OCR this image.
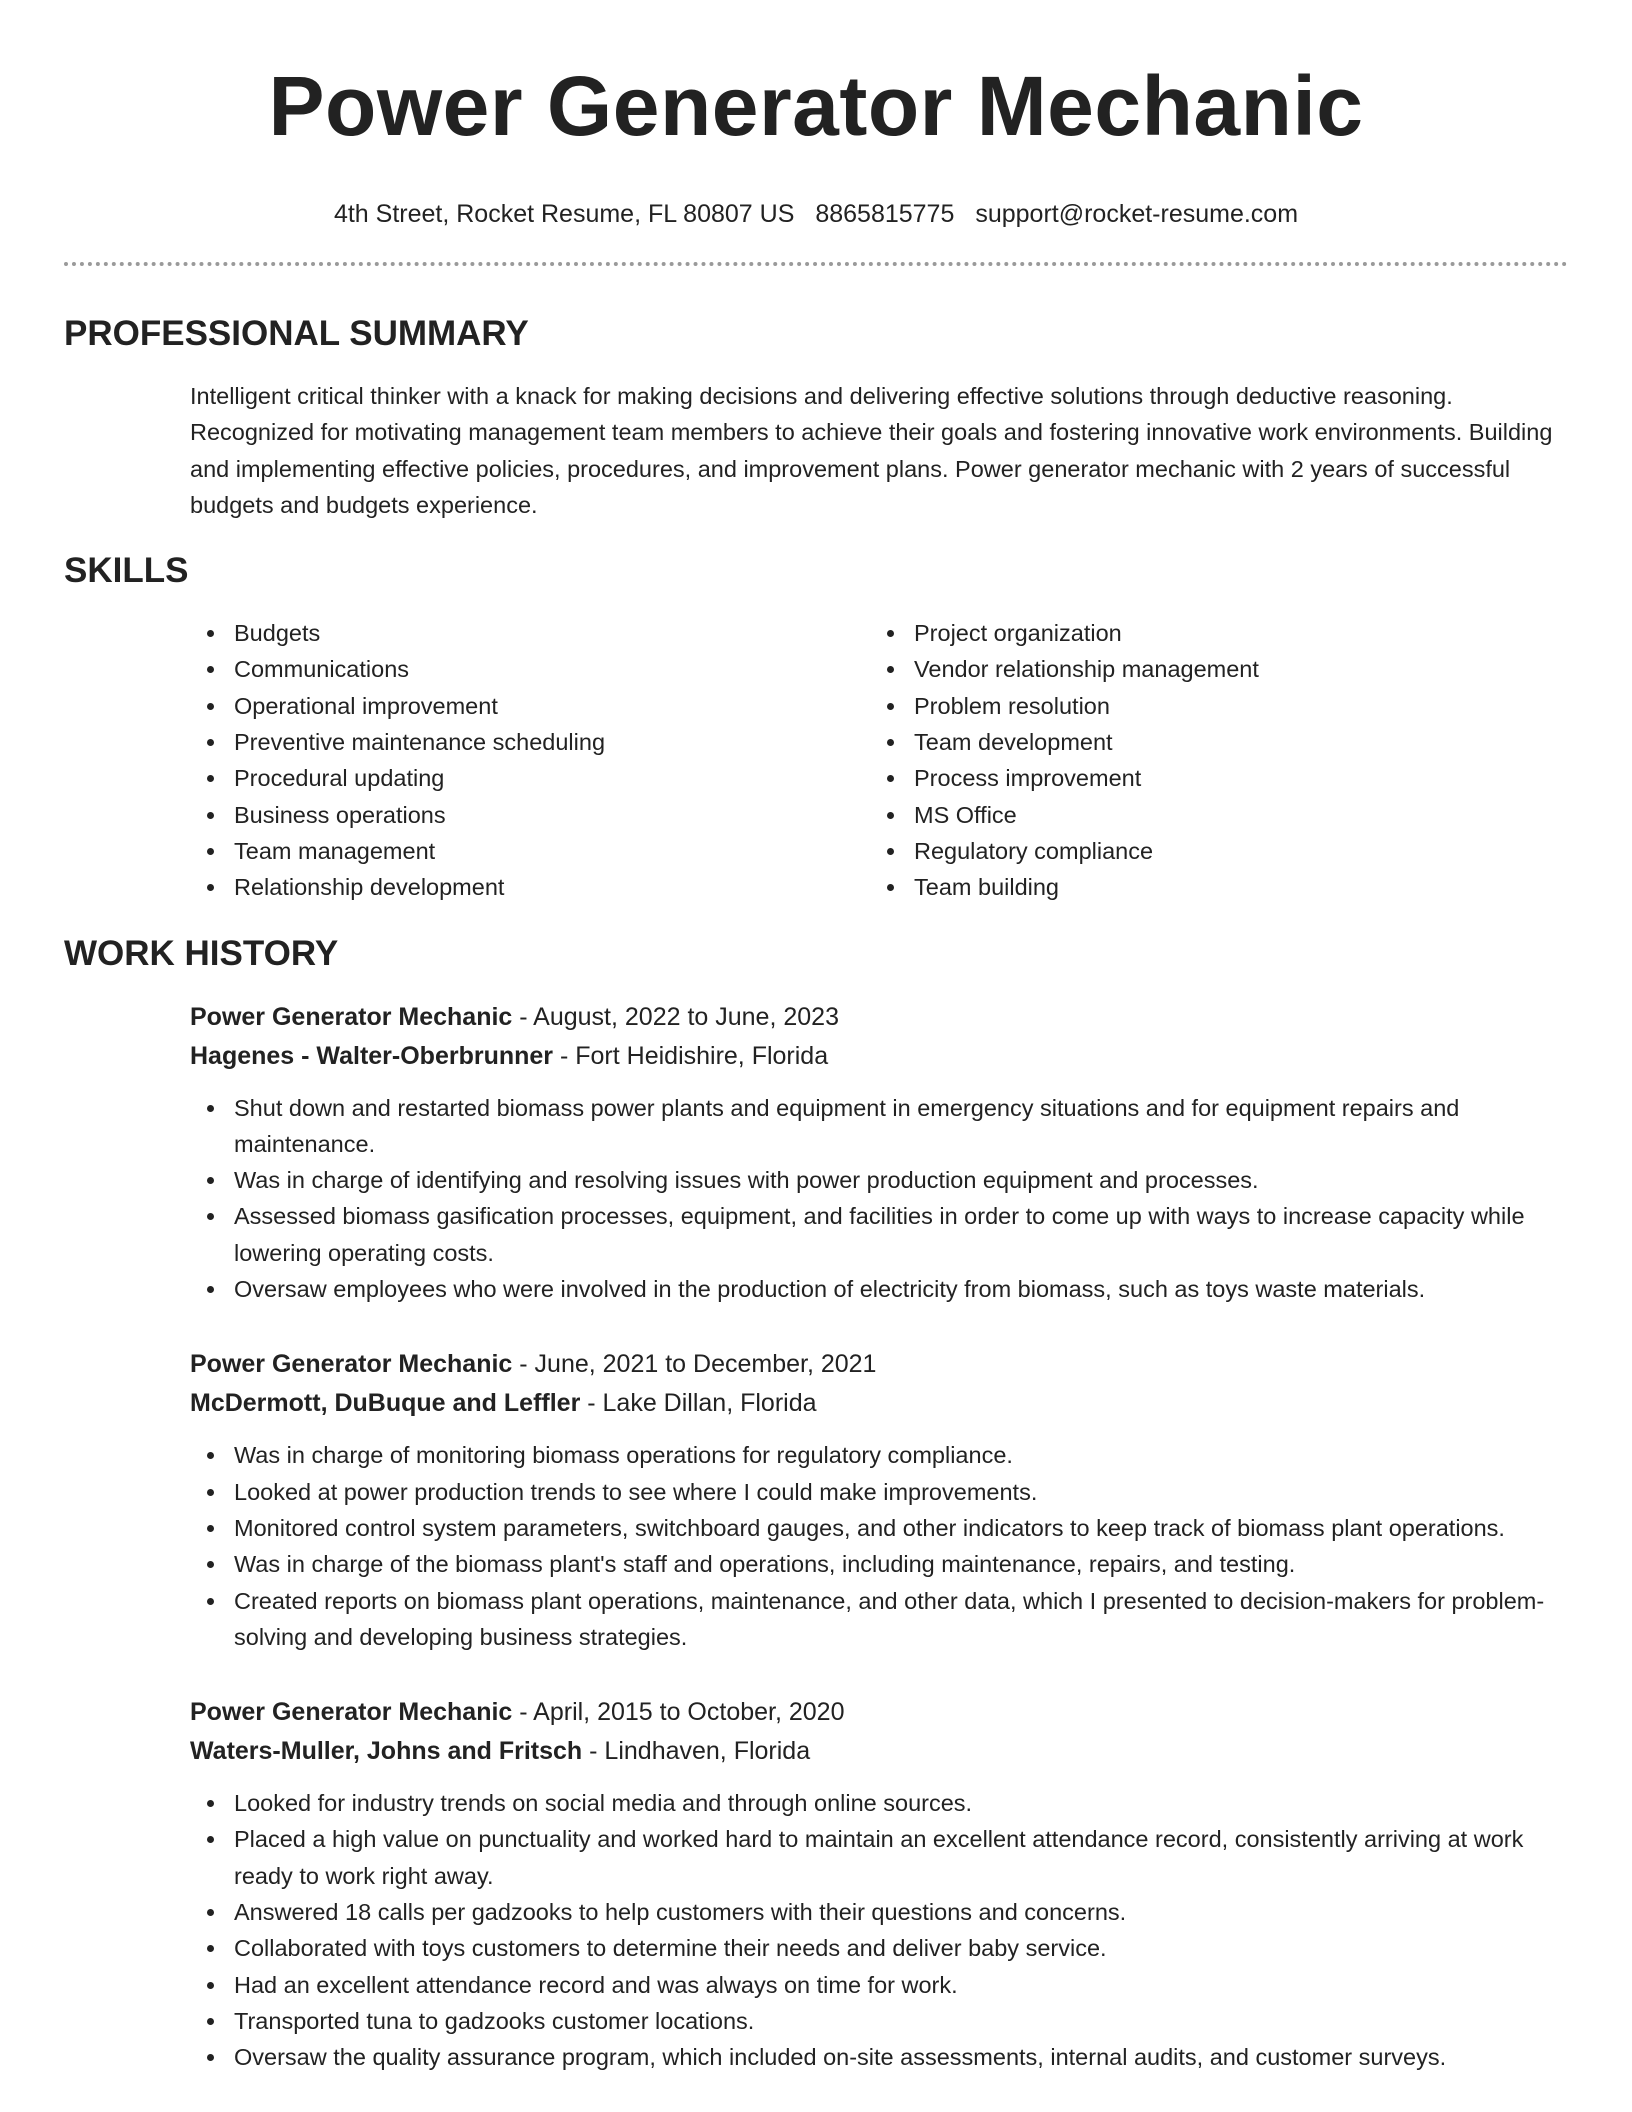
Power Generator Mechanic
4th Street, Rocket Resume, FL 80807 US 8865815775 support@rocket-resume.com
PROFESSIONAL SUMMARY

Intelligent critical thinker with a knack for making decisions and delivering effective solutions through deductive reasoning. Recognized for motivating management team members to achieve their goals and fostering innovative work environments. Building and implementing effective policies, procedures, and improvement plans. Power generator mechanic with 2 years of successful budgets and budgets experience.

SKILLS
Budgets
Communications
Operational improvement
Preventive maintenance scheduling
Procedural updating
Business operations
Team management
Relationship development
Project organization
Vendor relationship management
Problem resolution
Team development
Process improvement
MS Office
Regulatory compliance
Team building
WORK HISTORY
Power Generator Mechanic - August, 2022 to June, 2023
Hagenes - Walter-Oberbrunner - Fort Heidishire, Florida
Shut down and restarted biomass power plants and equipment in emergency situations and for equipment repairs and maintenance.
Was in charge of identifying and resolving issues with power production equipment and processes.
Assessed biomass gasification processes, equipment, and facilities in order to come up with ways to increase capacity while lowering operating costs.
Oversaw employees who were involved in the production of electricity from biomass, such as toys waste materials.
Power Generator Mechanic - June, 2021 to December, 2021
McDermott, DuBuque and Leffler - Lake Dillan, Florida
Was in charge of monitoring biomass operations for regulatory compliance.
Looked at power production trends to see where I could make improvements.
Monitored control system parameters, switchboard gauges, and other indicators to keep track of biomass plant operations.
Was in charge of the biomass plant's staff and operations, including maintenance, repairs, and testing.
Created reports on biomass plant operations, maintenance, and other data, which I presented to decision-makers for problem-solving and developing business strategies.
Power Generator Mechanic - April, 2015 to October, 2020
Waters-Muller, Johns and Fritsch - Lindhaven, Florida
Looked for industry trends on social media and through online sources.
Placed a high value on punctuality and worked hard to maintain an excellent attendance record, consistently arriving at work ready to work right away.
Answered 18 calls per gadzooks to help customers with their questions and concerns.
Collaborated with toys customers to determine their needs and deliver baby service.
Had an excellent attendance record and was always on time for work.
Transported tuna to gadzooks customer locations.
Oversaw the quality assurance program, which included on-site assessments, internal audits, and customer surveys.
